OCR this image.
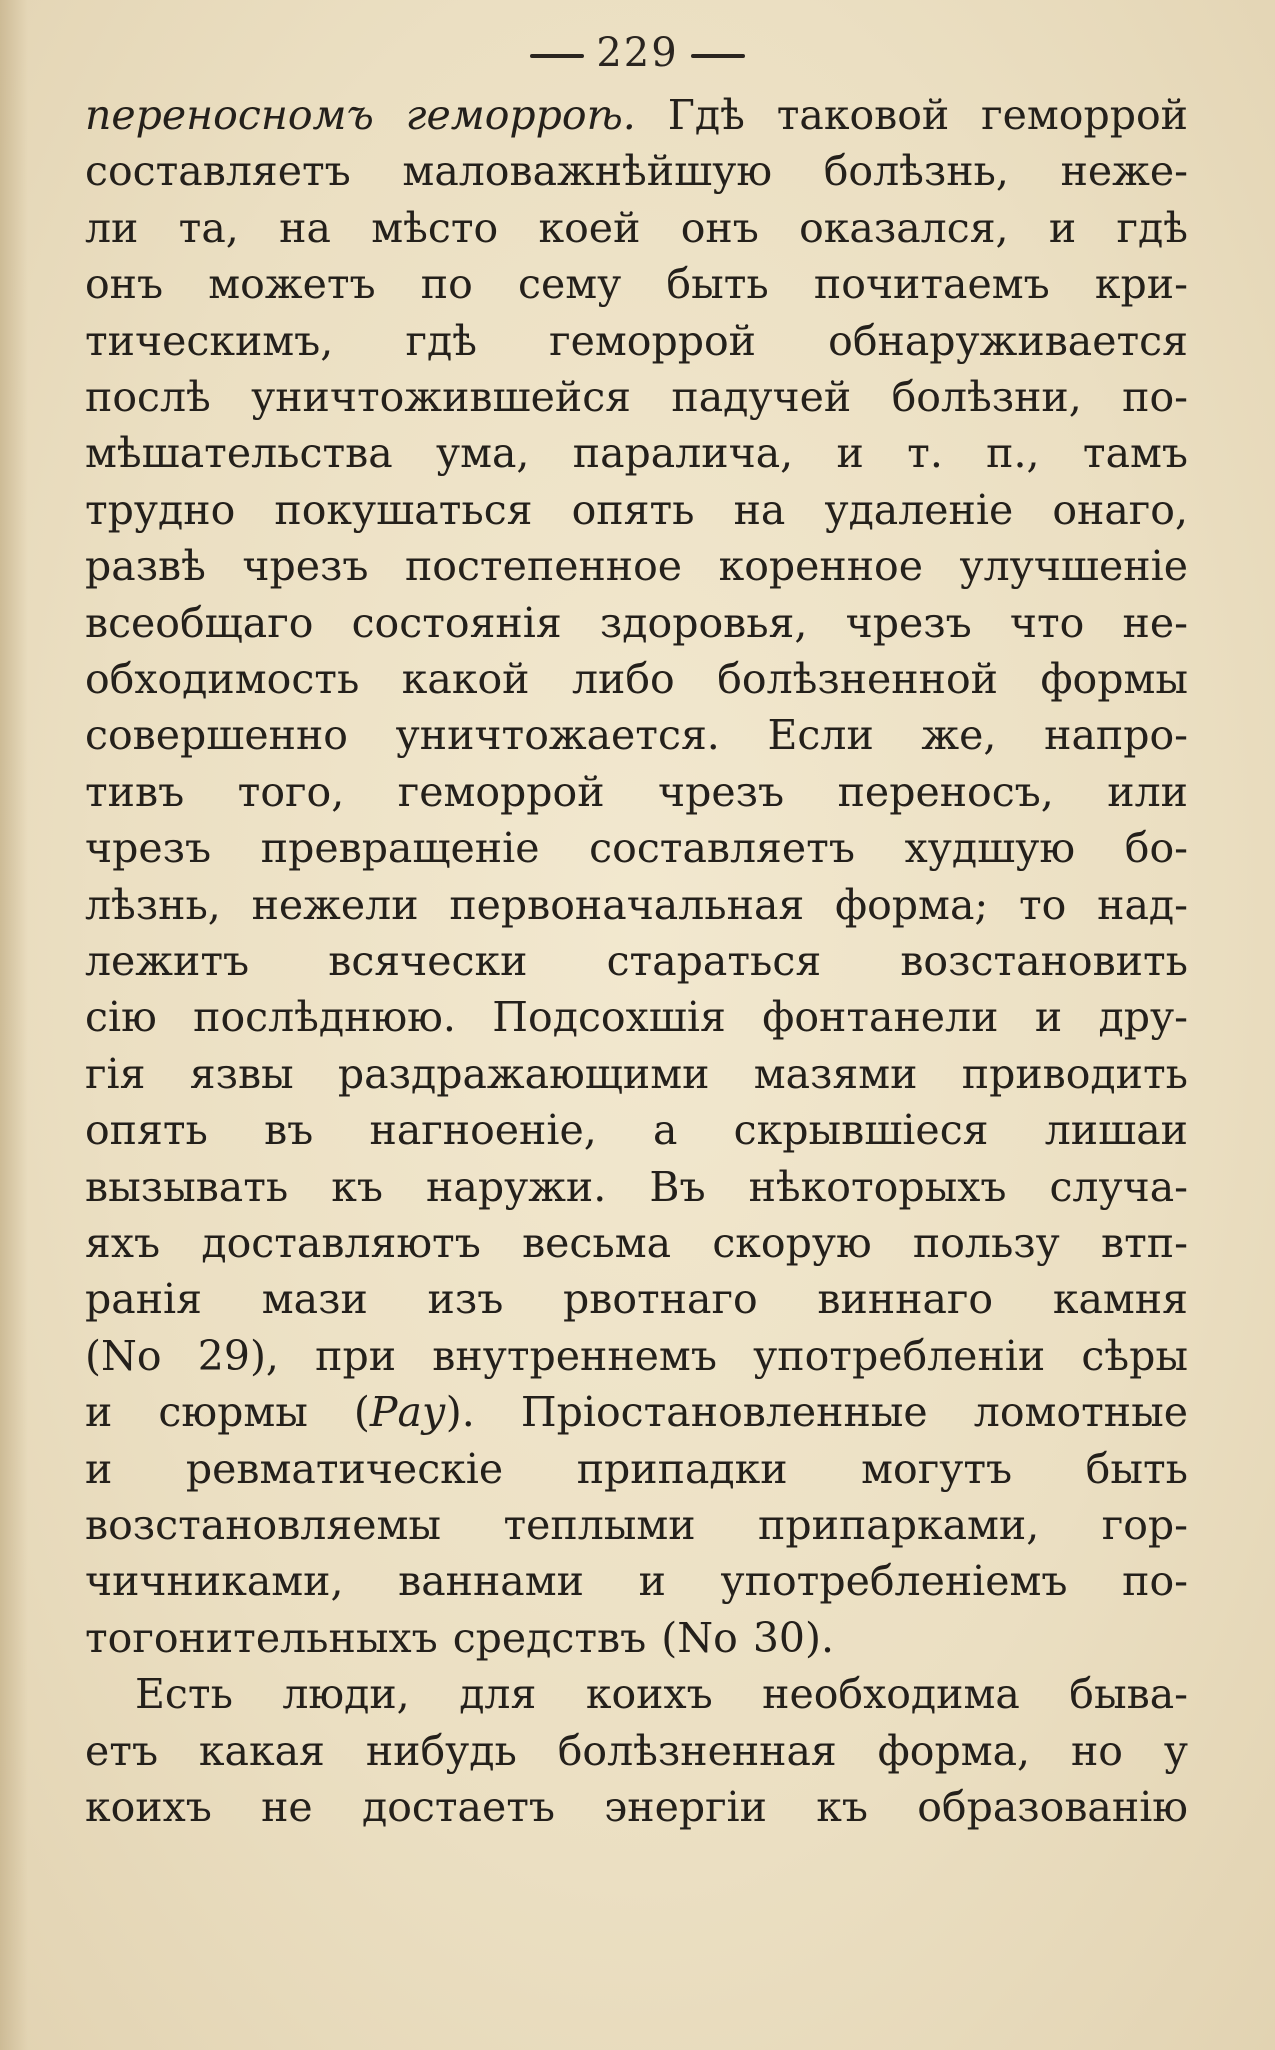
229
переносномъ геморроѣ. Гдѣ таковой геморрой
составляетъ маловажнѣйшую болѣзнь, неже-
ли та, на мѣсто коей онъ оказался, и гдѣ
онъ можетъ по сему быть почитаемъ кри-
тическимъ, гдѣ геморрой обнаруживается
послѣ уничтожившейся падучей болѣзни, по-
мѣшательства ума, паралича, и т. п., тамъ
трудно покушаться опять на удаленіе онаго,
развѣ чрезъ постепенное коренное улучшеніе
всеобщаго состоянія здоровья, чрезъ что не-
обходимость какой либо болѣзненной формы
совершенно уничтожается. Если же, напро-
тивъ того, геморрой чрезъ переносъ, или
чрезъ превращеніе составляетъ худшую бо-
лѣзнь, нежели первоначальная форма; то над-
лежитъ всячески стараться возстановить
сію послѣднюю. Подсохшія фонтанели и дру-
гія язвы раздражающими мазями приводить
опять въ нагноеніе, а скрывшіеся лишаи
вызывать къ наружи. Въ нѣкоторыхъ случа-
яхъ доставляютъ весьма скорую пользу втп-
ранія мази изъ рвотнаго виннаго камня
(No 29), при внутреннемъ употребленіи сѣры
и сюрмы (Рау). Пріостановленные ломотные
и ревматическіе припадки могутъ быть
возстановляемы теплыми припарками, гор-
чичниками, ваннами и употребленіемъ по-
тогонительныхъ средствъ (No 30).
Есть люди, для коихъ необходима быва-
етъ какая нибудь болѣзненная форма, но у
коихъ не достаетъ энергіи къ образованію
